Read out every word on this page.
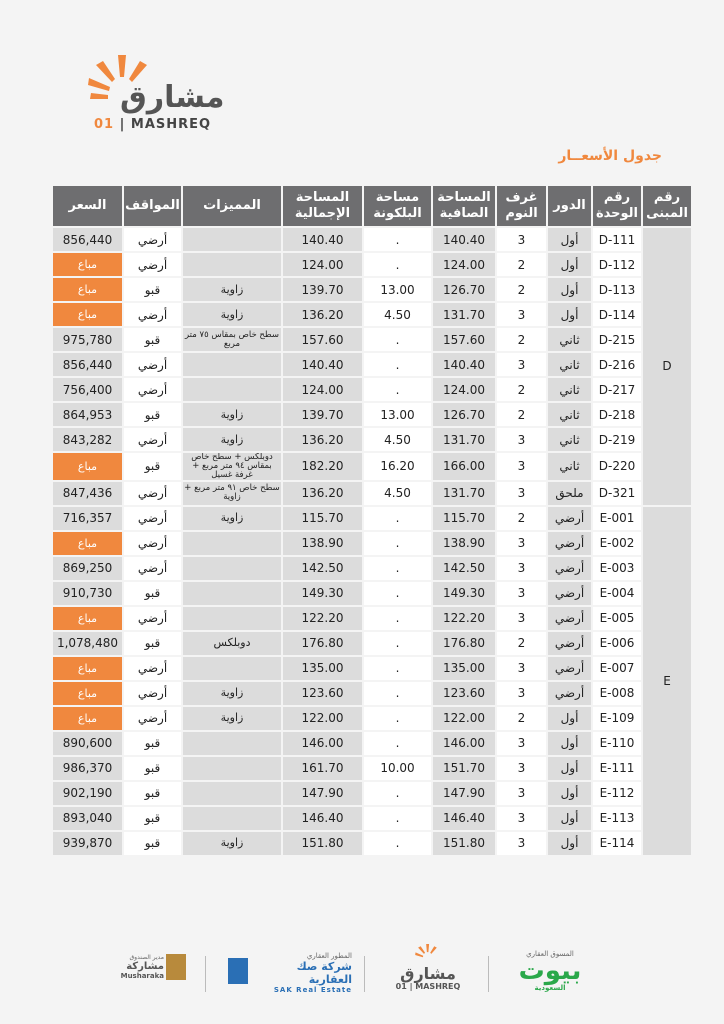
مشارق
01 | MASHREQ
جدول الأسعــار
رقم المبنى	رقم الوحدة	الدور	غرف النوم	المساحة الصافية	مساحة البلكونة	المساحة الإجمالية	المميزات	المواقف	السعر
D	D-111	أول	3	140.40	.	140.40		أرضي	856,440
	D-112	أول	2	124.00	.	124.00		أرضي	مباع
	D-113	أول	2	126.70	13.00	139.70	زاوية	قبو	مباع
	D-114	أول	3	131.70	4.50	136.20	زاوية	أرضي	مباع
	D-215	ثاني	2	157.60	.	157.60	سطح خاص بمقاس ٧٥ متر مربع	قبو	975,780
	D-216	ثاني	3	140.40	.	140.40		أرضي	856,440
	D-217	ثاني	2	124.00	.	124.00		أرضي	756,400
	D-218	ثاني	2	126.70	13.00	139.70	زاوية	قبو	864,953
	D-219	ثاني	3	131.70	4.50	136.20	زاوية	أرضي	843,282
	D-220	ثاني	3	166.00	16.20	182.20	دوبلكس + سطح خاص بمقاس ٩٤ متر مربع + غرفة غسيل	قبو	مباع
	D-321	ملحق	3	131.70	4.50	136.20	سطح خاص ٩١ متر مربع + زاوية	أرضي	847,436
E	E-001	أرضي	2	115.70	.	115.70	زاوية	أرضي	716,357
	E-002	أرضي	3	138.90	.	138.90		أرضي	مباع
	E-003	أرضي	3	142.50	.	142.50		أرضي	869,250
	E-004	أرضي	3	149.30	.	149.30		قبو	910,730
	E-005	أرضي	3	122.20	.	122.20		أرضي	مباع
	E-006	أرضي	2	176.80	.	176.80	دوبلكس	قبو	1,078,480
	E-007	أرضي	3	135.00	.	135.00		أرضي	مباع
	E-008	أرضي	3	123.60	.	123.60	زاوية	أرضي	مباع
	E-109	أول	2	122.00	.	122.00	زاوية	أرضي	مباع
	E-110	أول	3	146.00	.	146.00		قبو	890,600
	E-111	أول	3	151.70	10.00	161.70		قبو	986,370
	E-112	أول	3	147.90	.	147.90		قبو	902,190
	E-113	أول	3	146.40	.	146.40		قبو	893,040
	E-114	أول	3	151.80	.	151.80	زاوية	قبو	939,870
المسوق العقاري
بيوت
السعودية
مشارق
01 | MASHREQ
المطور العقاري
شركة صك العقارية
SAK Real Estate
مدير الصندوق
مشاركة
Musharaka
